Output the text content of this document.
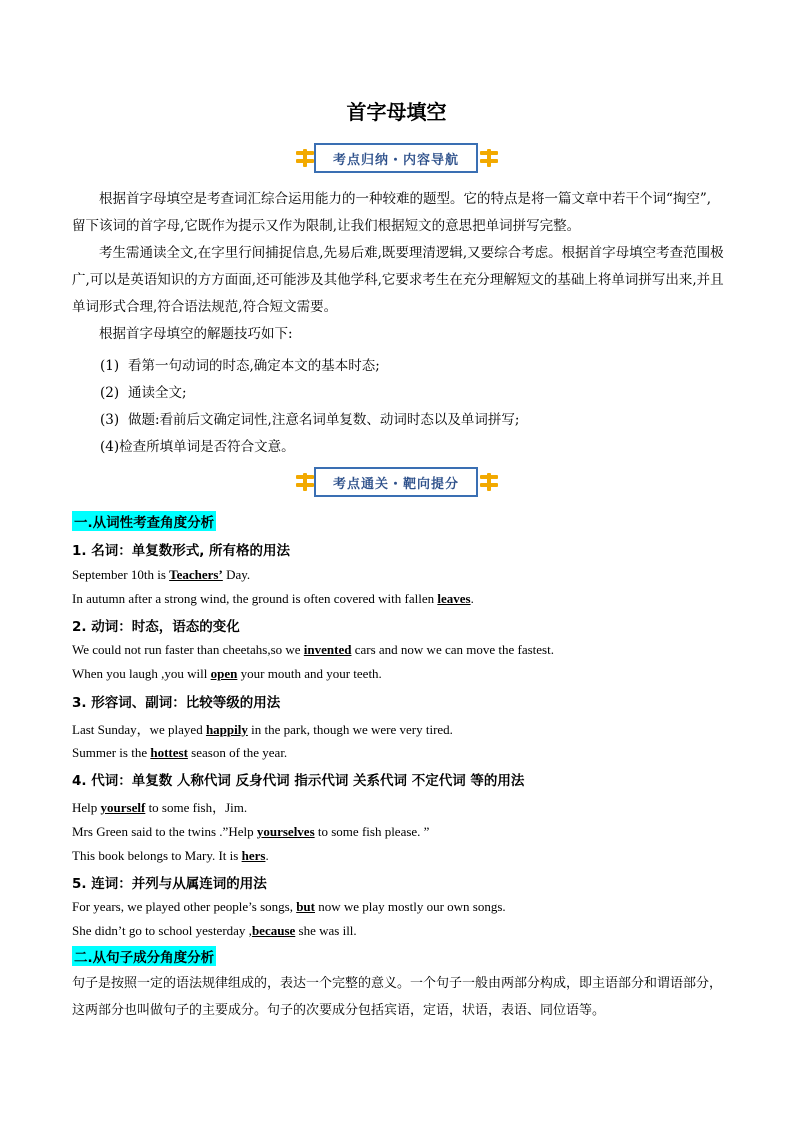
首字母填空
考点归纳・内容导航
根据首字母填空是考查词汇综合运用能力的一种较难的题型。它的特点是将一篇文章中若干个词“掏空”,留下该词的首字母,它既作为提示又作为限制,让我们根据短文的意思把单词拼写完整。
考生需通读全文,在字里行间捕捉信息,先易后难,既要理清逻辑,又要综合考虑。根据首字母填空考查范围极广,可以是英语知识的方方面面,还可能涉及其他学科,它要求考生在充分理解短文的基础上将单词拼写出来,并且单词形式合理,符合语法规范,符合短文需要。
根据首字母填空的解题技巧如下:
(1) 看第一句动词的时态,确定本文的基本时态;
(2) 通读全文;
(3) 做题:看前后文确定词性,注意名词单复数、动词时态以及单词拼写;
(4)检查所填单词是否符合文意。
考点通关・靶向提分
一.从词性考查角度分析
1. 名词：单复数形式, 所有格的用法
September 10th is Teachers’ Day.
In autumn after a strong wind, the ground is often covered with fallen leaves.
2. 动词：时态，语态的变化
We could not run faster than cheetahs,so we invented cars and now we can move the fastest.
When you laugh ,you will open your mouth and your teeth.
3. 形容词、副词：比较等级的用法
Last Sunday，we played happily in the park, though we were very tired.
Summer is the hottest season of the year.
4. 代词：单复数 人称代词 反身代词 指示代词 关系代词 不定代词 等的用法
Help yourself to some fish，Jim.
Mrs Green said to the twins .”Help yourselves to some fish please. ”
This book belongs to Mary. It is hers.
5. 连词：并列与从属连词的用法
For years, we played other people’s songs, but now we play mostly our own songs.
She didn’t go to school yesterday ,because she was ill.
二.从句子成分角度分析
句子是按照一定的语法规律组成的，表达一个完整的意义。一个句子一般由两部分构成，即主语部分和谓语部分，这两部分也叫做句子的主要成分。句子的次要成分包括宾语，定语，状语，表语、同位语等。
